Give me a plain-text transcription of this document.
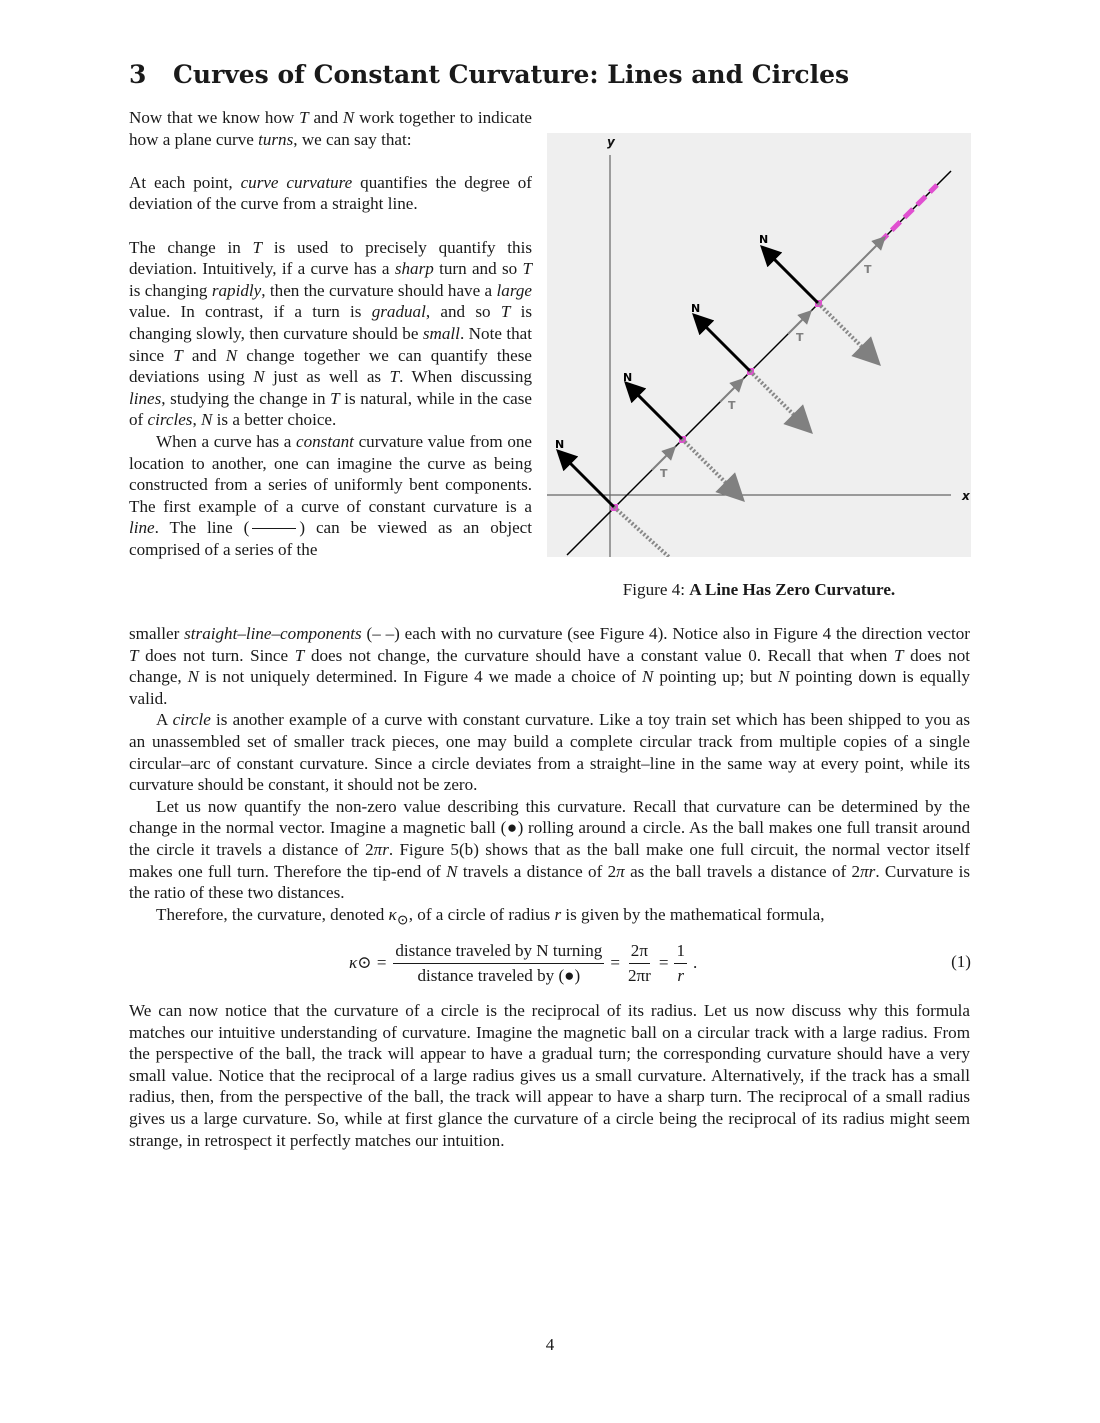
3 Curves of Constant Curvature: Lines and Circles

Now that we know how T and N work together to indicate how a plane curve turns, we can say that:

At each point, curve curvature quantifies the degree of deviation of the curve from a straight line.

The change in T is used to precisely quantify this deviation. Intuitively, if a curve has a sharp turn and so T is changing rapidly, then the curvature should have a large value. In contrast, if a turn is gradual, and so T is changing slowly, then curvature should be small. Note that since T and N change together we can quantify these deviations using N just as well as T. When discussing lines, studying the change in T is natural, while in the case of circles, N is a better choice.

When a curve has a constant curvature value from one location to another, one can imagine the curve as being constructed from a series of uniformly bent components. The first example of a curve of constant curvature is a line. The line (	) can be viewed as an object comprised of a series of the

smaller straight–line–components (– –) each with no curvature (see Figure 4). Notice also in Figure 4 the direction vector T does not turn. Since T does not change, the curvature should have a constant value 0. Recall that when T does not change, N is not uniquely determined. In Figure 4 we made a choice of N pointing up; but N pointing down is equally valid.

A circle is another example of a curve with constant curvature. Like a toy train set which has been shipped to you as an unassembled set of smaller track pieces, one may build a complete circular track from multiple copies of a single circular–arc of constant curvature. Since a circle deviates from a straight–line in the same way at every point, while its curvature should be constant, it should not be zero.

Let us now quantify the non-zero value describing this curvature. Recall that curvature can be determined by the change in the normal vector. Imagine a magnetic ball (●) rolling around a circle. As the ball makes one full transit around the circle it travels a distance of 2πr. Figure 5(b) shows that as the ball make one full circuit, the normal vector itself makes one full turn. Therefore the tip-end of N travels a distance of 2π as the ball travels a distance of 2πr. Curvature is the ratio of these two distances.

Therefore, the curvature, denoted $\kappa_⊙$, of a circle of radius r is given by the mathematical formula,

κ⊙ = $\frac{\text{distance traveled by N turning}}{\text{distance traveled by (●)}} = \frac{2\pi}{2\pi r} = \frac{1}{r}$ .	(1)

We can now notice that the curvature of a circle is the reciprocal of its radius. Let us now discuss why this formula matches our intuitive understanding of curvature. Imagine the magnetic ball on a circular track with a large radius. From the perspective of the ball, the track will appear to have a gradual turn; the corresponding curvature should have a very small value. Notice that the reciprocal of a large radius gives us a small curvature. Alternatively, if the track has a small radius, then, from the perspective of the ball, the track will appear to have a sharp turn. The reciprocal of a small radius gives us a large curvature. So, while at first glance the curvature of a circle being the reciprocal of its radius might seem strange, in retrospect it perfectly matches our intuition.

x
y
N
N
N
N
T
T
T
T
Figure 4: A Line Has Zero Curvature.
4
